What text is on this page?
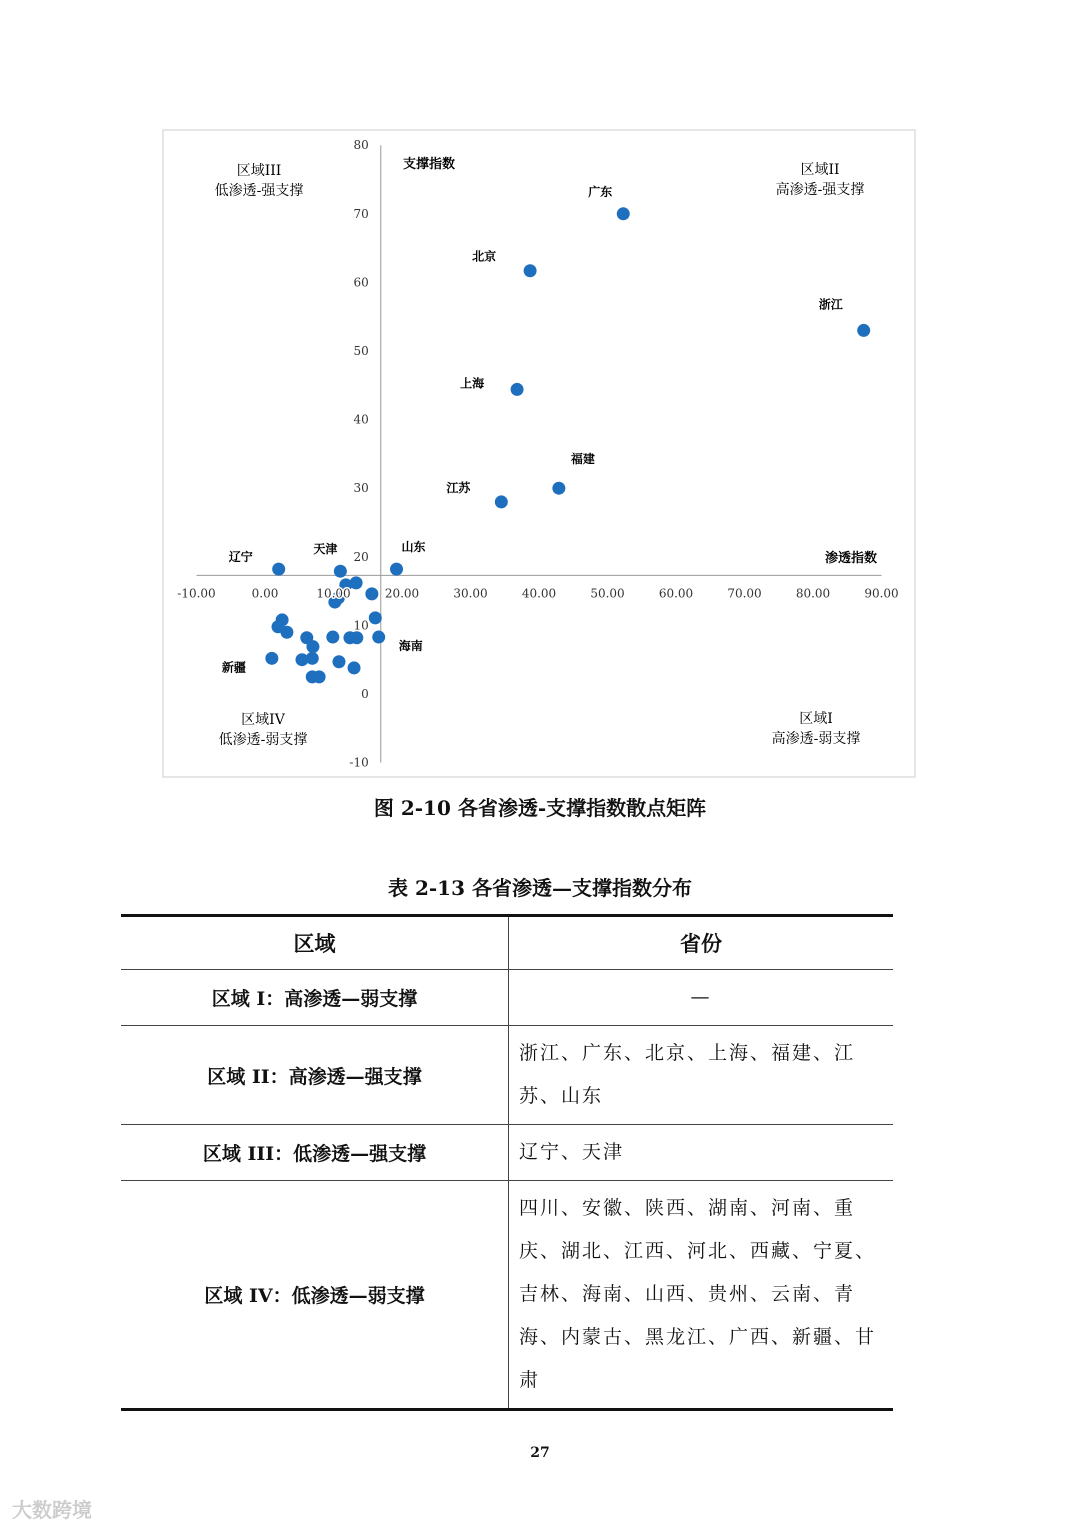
-10.00	0.00	10.00	20.00	30.00	40.00	50.00	60.00	70.00	80.00	90.00
-10
0
10
20
30
40
50
60
70
80
支撑指数
渗透指数
区域III
低渗透-强支撑
区域II
高渗透-强支撑
区域IV
低渗透-弱支撑
区域I
高渗透-弱支撑
广东
北京
浙江
上海
福建
江苏
辽宁
天津	山东
海南
新疆
图 2-10 各省渗透-支撑指数散点矩阵
表 2-13 各省渗透—支撑指数分布
区域	省份
区域 I：高渗透—弱支撑	—
区域 II：高渗透—强支撑	浙江、广东、北京、上海、福建、江苏、山东
区域 III：低渗透—强支撑	辽宁、天津
区域 IV：低渗透—弱支撑	四川、安徽、陕西、湖南、河南、重庆、湖北、江西、河北、西藏、宁夏、吉林、海南、山西、贵州、云南、青海、内蒙古、黑龙江、广西、新疆、甘肃
27
大数跨境
